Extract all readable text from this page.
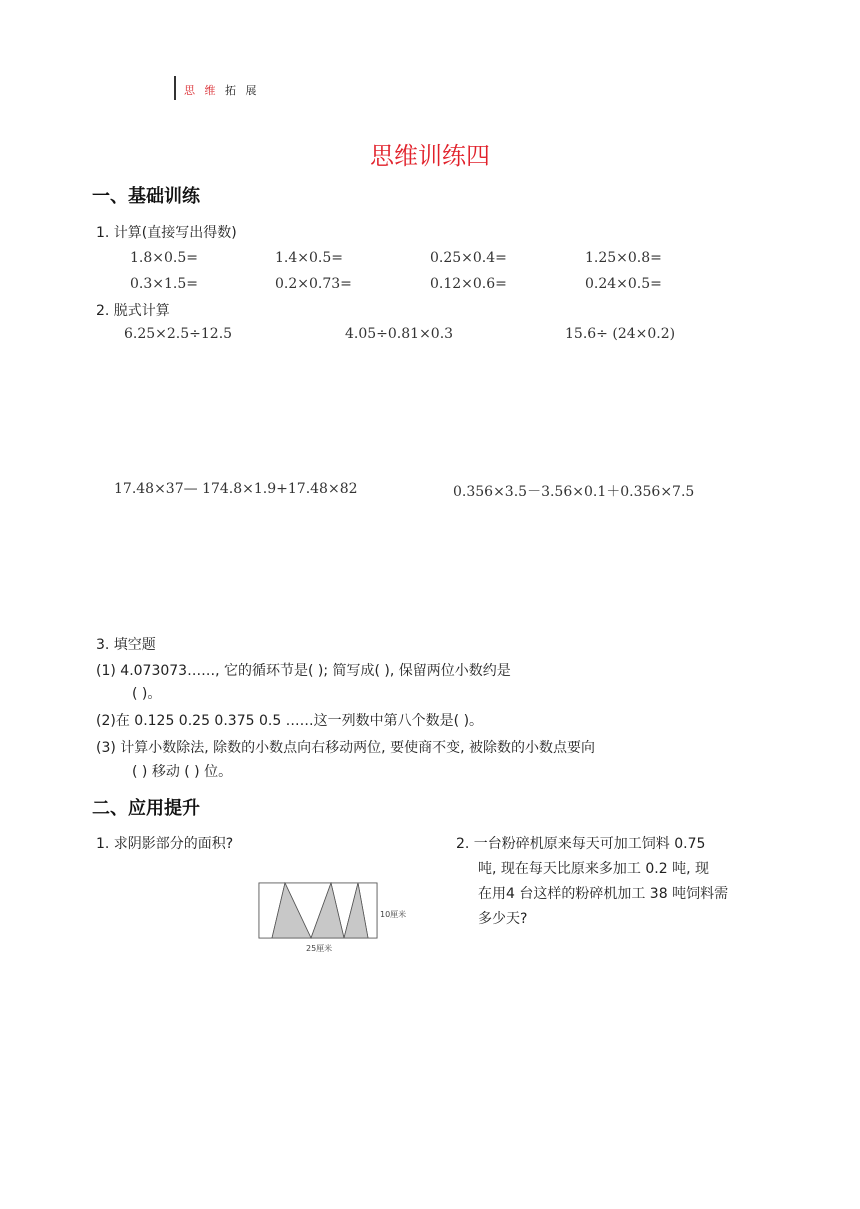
思 维 拓 展
思维训练四
一、基础训练
1. 计算(直接写出得数)
1.8×0.5=	1.4×0.5=	0.25×0.4=	1.25×0.8=
0.3×1.5=	0.2×0.73=	0.12×0.6=	0.24×0.5=
2. 脱式计算
6.25×2.5÷12.5	4.05÷0.81×0.3	15.6÷ (24×0.2)
17.48×37— 174.8×1.9+17.48×82	0.356×3.5－3.56×0.1＋0.356×7.5
3. 填空题
(1) 4.073073……, 它的循环节是( ); 简写成( ), 保留两位小数约是
( )。
(2)在 0.125 0.25 0.375 0.5 ……这一列数中第八个数是( )。
(3) 计算小数除法, 除数的小数点向右移动两位, 要使商不变, 被除数的小数点要向
( ) 移动 ( ) 位。
二、应用提升
1. 求阴影部分的面积?
10厘米
25厘米
2. 一台粉碎机原来每天可加工饲料 0.75
吨, 现在每天比原来多加工 0.2 吨, 现
在用4 台这样的粉碎机加工 38 吨饲料需
多少天?
